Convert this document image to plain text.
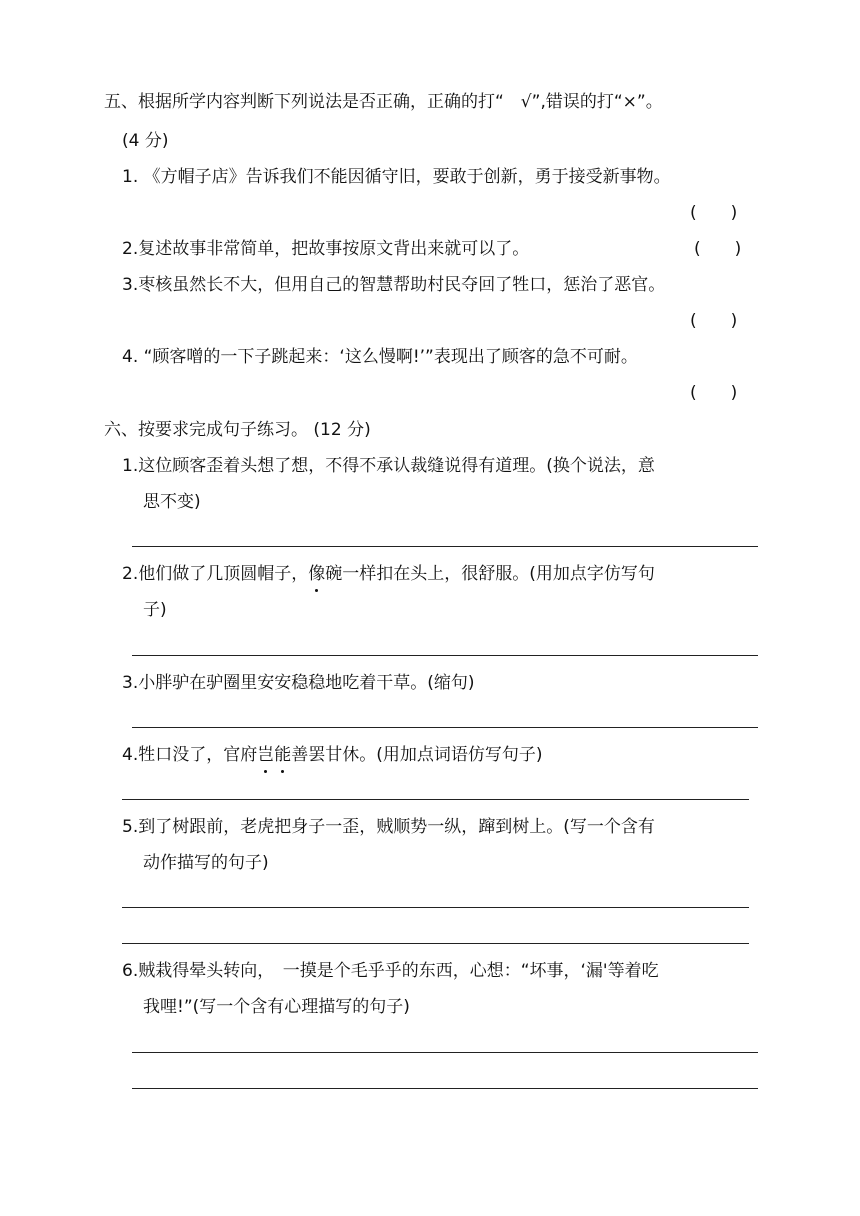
五、根据所学内容判断下列说法是否正确，正确的打“　√”,错误的打“×”。
(4 分)
1. 《方帽子店》告诉我们不能因循守旧，要敢于创新，勇于接受新事物。
(　　)
2.复述故事非常简单，把故事按原文背出来就可以了。	(　　)
3.枣核虽然长不大，但用自己的智慧帮助村民夺回了牲口，惩治了恶官。
(　　)
4. “顾客噌的一下子跳起来：‘这么慢啊!’”表现出了顾客的急不可耐。
(　　)
六、按要求完成句子练习。 (12 分)
1.这位顾客歪着头想了想，不得不承认裁缝说得有道理。(换个说法，意
思不变)
2.他们做了几顶圆帽子，像碗一样扣在头上，很舒服。(用加点字仿写句
子)
3.小胖驴在驴圈里安安稳稳地吃着干草。(缩句)
4.牲口没了，官府岂能善罢甘休。(用加点词语仿写句子)
5.到了树跟前，老虎把身子一歪，贼顺势一纵，蹿到树上。(写一个含有
动作描写的句子)
6.贼栽得晕头转向，　一摸是个毛乎乎的东西，心想：“坏事，‘漏'等着吃
我哩!”(写一个含有心理描写的句子)
